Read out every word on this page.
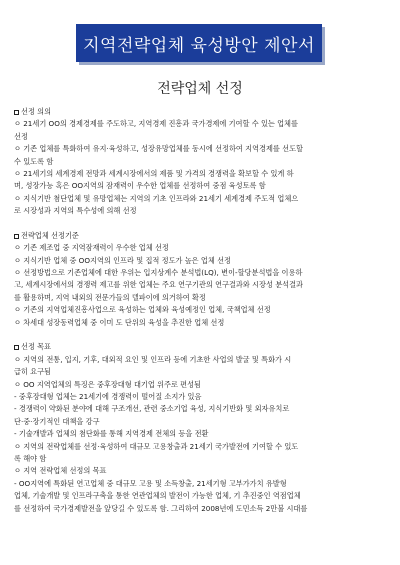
지역전략업체 육성방안 제안서
전략업체 선정
선정 의의
ㅇ 21세기 OO의 경제경제를 주도하고, 지역경제 진흥과 국가경제에 기여할 수 있는 업체를
선정
ㅇ 기존 업체를 특화하여 유지·육성하고, 성장유망업체를 동시에 선정하여 지역경제를 선도할
수 있도록 함
ㅇ 21세기의 세계경제 전망과 세계시장에서의 제품 및 가격의 경쟁력을 확보할 수 있게 하
며, 성장가능 혹은 OO지역의 잠재력이 우수한 업체를 선정하여 중점 육성토록 함
ㅇ 지식기반 첨단업체 및 유망업체는 지역의 기초 인프라와 21세기 세계경제 주도적 업체으
로 시장성과 지역의 특수성에 의해 선정
전략업체 선정기준
ㅇ 기존 제조업 중 지역잠재력이 우수한 업체 선정
ㅇ 지식기반 업체 중 OO지역의 인프라 및 집적 정도가 높은 업체 선정
ㅇ 선정방법으로 기존업체에 대한 우위는 입지상계수 분석법(LQ), 변이-할당분석법을 이용하
고, 세계시장에서의 경쟁력 제고를 위한 업체는 주요 연구기관의 연구결과와 시장성 분석결과
를 활용하며, 지역 내외의 전문가들의 델파이에 의거하여 확정
ㅇ 기존의 지역업체진흥사업으로 육성하는 업체와 육성예정인 업체, 국책업체 선정
ㅇ 차세대 성장동력업체 중 이미 도 단위의 육성을 추진한 업체 선정
선정 목표
ㅇ 지역의 전통, 입지, 기후, 대외적 요인 및 인프라 등에 기초한 사업의 발굴 및 특화가 시
급히 요구됨
ㅇ OO 지역업체의 특징은 중후장대형 대기업 위주로 편성됨
- 중후장대형 업체는 21세기에 경쟁력이 떨어질 소지가 있음
- 경쟁력이 약화된 분야에 대해 구조개선, 관련 중소기업 육성, 지식기반화 및 외자유치로
단·중·장기적인 대책을 강구
- 기술개발과 업체의 첨단화를 통해 지역경제 전체의 등을 전환
ㅇ 지역의 전략업체를 선정·육성하여 대규모 고용창출과 21세기 국가발전에 기여할 수 있도
록 해야 함
ㅇ 지역 전략업체 선정의 목표
- OO지역에 특화된 연고업체 중 대규모 고용 및 소득창출, 21세기형 고부가가치 유발형
업체, 기술개발 및 인프라구축을 통한 연관업체의 발전이 가능한 업체, 기 추진중인 역점업체
를 선정하여 국가경제발전을 앞당길 수 있도록 함. 그리하여 2008년에 도민소득 2만불 시대를
